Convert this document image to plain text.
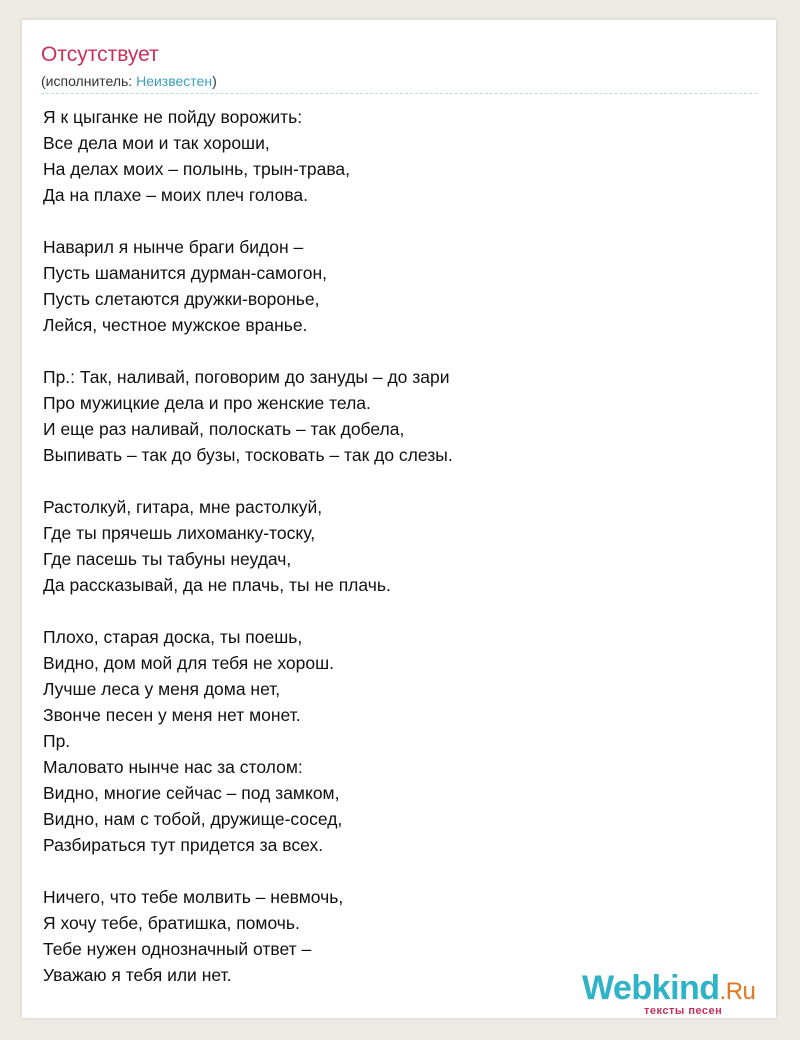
Отсутствует
(исполнитель: Неизвестен)
Я к цыганке не пойду ворожить:
Все дела мои и так хороши,
На делах моих – полынь, трын-трава,
Да на плахе – моих плеч голова.
Наварил я нынче браги бидон –
Пусть шаманится дурман-самогон,
Пусть слетаются дружки-воронье,
Лейся, честное мужское вранье.
Пр.: Так, наливай, поговорим до зануды – до зари
Про мужицкие дела и про женские тела.
И еще раз наливай, полоскать – так добела,
Выпивать – так до бузы, тосковать – так до слезы.
Растолкуй, гитара, мне растолкуй,
Где ты прячешь лихоманку-тоску,
Где пасешь ты табуны неудач,
Да рассказывай, да не плачь, ты не плачь.
Плохо, старая доска, ты поешь,
Видно, дом мой для тебя не хорош.
Лучше леса у меня дома нет,
Звонче песен у меня нет монет.
Пр.
Маловато нынче нас за столом:
Видно, многие сейчас – под замком,
Видно, нам с тобой, дружище-сосед,
Разбираться тут придется за всех.
Ничего, что тебе молвить – невмочь,
Я хочу тебе, братишка, помочь.
Тебе нужен однозначный ответ –
Уважаю я тебя или нет.	Webkind.Ru
тексты песен
